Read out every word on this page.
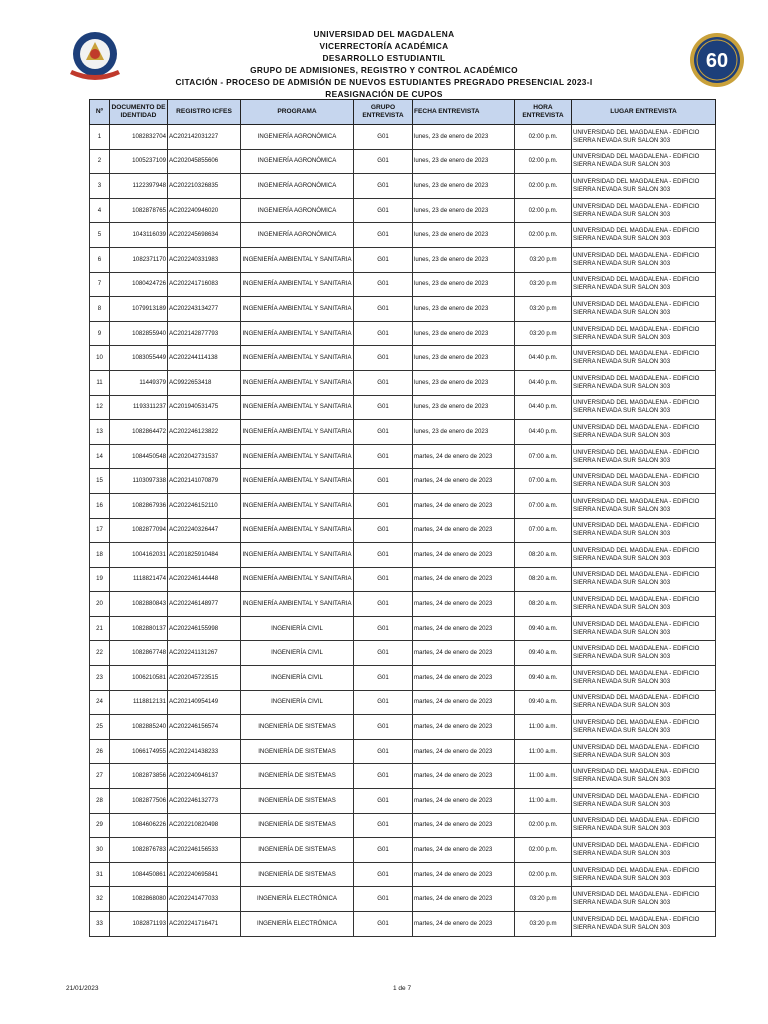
60
UNIVERSIDAD DEL MAGDALENA
VICERRECTORÍA ACADÉMICA
DESARROLLO ESTUDIANTIL
GRUPO DE ADMISIONES, REGISTRO Y CONTROL ACADÉMICO
CITACIÓN - PROCESO DE ADMISIÓN DE NUEVOS ESTUDIANTES PREGRADO PRESENCIAL 2023-I
REASIGNACIÓN DE CUPOS
Nº	DOCUMENTO DE IDENTIDAD	REGISTRO ICFES	PROGRAMA	GRUPO ENTREVISTA	FECHA ENTREVISTA	HORA ENTREVISTA	LUGAR ENTREVISTA
1	1082832704	AC202142031227	INGENIERÍA AGRONÓMICA	G01	lunes, 23 de enero de 2023	02:00 p.m.	UNIVERSIDAD DEL MAGDALENA - EDIFICIO SIERRA NEVADA SUR SALON 303
2	1005237109	AC202045855606	INGENIERÍA AGRONÓMICA	G01	lunes, 23 de enero de 2023	02:00 p.m.	UNIVERSIDAD DEL MAGDALENA - EDIFICIO SIERRA NEVADA SUR SALON 303
3	1122397948	AC202210326835	INGENIERÍA AGRONÓMICA	G01	lunes, 23 de enero de 2023	02:00 p.m.	UNIVERSIDAD DEL MAGDALENA - EDIFICIO SIERRA NEVADA SUR SALON 303
4	1082878765	AC202240946020	INGENIERÍA AGRONÓMICA	G01	lunes, 23 de enero de 2023	02:00 p.m.	UNIVERSIDAD DEL MAGDALENA - EDIFICIO SIERRA NEVADA SUR SALON 303
5	1043116039	AC202245698634	INGENIERÍA AGRONÓMICA	G01	lunes, 23 de enero de 2023	02:00 p.m.	UNIVERSIDAD DEL MAGDALENA - EDIFICIO SIERRA NEVADA SUR SALON 303
6	1082371170	AC202240331983	INGENIERÍA AMBIENTAL Y SANITARIA	G01	lunes, 23 de enero de 2023	03:20 p.m	UNIVERSIDAD DEL MAGDALENA - EDIFICIO SIERRA NEVADA SUR SALON 303
7	1080424726	AC202241716083	INGENIERÍA AMBIENTAL Y SANITARIA	G01	lunes, 23 de enero de 2023	03:20 p.m	UNIVERSIDAD DEL MAGDALENA - EDIFICIO SIERRA NEVADA SUR SALON 303
8	1079913189	AC202243134277	INGENIERÍA AMBIENTAL Y SANITARIA	G01	lunes, 23 de enero de 2023	03:20 p.m	UNIVERSIDAD DEL MAGDALENA - EDIFICIO SIERRA NEVADA SUR SALON 303
9	1082855940	AC202142877793	INGENIERÍA AMBIENTAL Y SANITARIA	G01	lunes, 23 de enero de 2023	03:20 p.m	UNIVERSIDAD DEL MAGDALENA - EDIFICIO SIERRA NEVADA SUR SALON 303
10	1083055449	AC202244114138	INGENIERÍA AMBIENTAL Y SANITARIA	G01	lunes, 23 de enero de 2023	04:40 p.m.	UNIVERSIDAD DEL MAGDALENA - EDIFICIO SIERRA NEVADA SUR SALON 303
11	11449379	AC9922653418	INGENIERÍA AMBIENTAL Y SANITARIA	G01	lunes, 23 de enero de 2023	04:40 p.m.	UNIVERSIDAD DEL MAGDALENA - EDIFICIO SIERRA NEVADA SUR SALON 303
12	1193311237	AC201940531475	INGENIERÍA AMBIENTAL Y SANITARIA	G01	lunes, 23 de enero de 2023	04:40 p.m.	UNIVERSIDAD DEL MAGDALENA - EDIFICIO SIERRA NEVADA SUR SALON 303
13	1082864472	AC202246123822	INGENIERÍA AMBIENTAL Y SANITARIA	G01	lunes, 23 de enero de 2023	04:40 p.m.	UNIVERSIDAD DEL MAGDALENA - EDIFICIO SIERRA NEVADA SUR SALON 303
14	1084450548	AC202042731537	INGENIERÍA AMBIENTAL Y SANITARIA	G01	martes, 24 de enero de 2023	07:00 a.m.	UNIVERSIDAD DEL MAGDALENA - EDIFICIO SIERRA NEVADA SUR SALON 303
15	1103097338	AC202141070879	INGENIERÍA AMBIENTAL Y SANITARIA	G01	martes, 24 de enero de 2023	07:00 a.m.	UNIVERSIDAD DEL MAGDALENA - EDIFICIO SIERRA NEVADA SUR SALON 303
16	1082867936	AC202246152110	INGENIERÍA AMBIENTAL Y SANITARIA	G01	martes, 24 de enero de 2023	07:00 a.m.	UNIVERSIDAD DEL MAGDALENA - EDIFICIO SIERRA NEVADA SUR SALON 303
17	1082877094	AC202240326447	INGENIERÍA AMBIENTAL Y SANITARIA	G01	martes, 24 de enero de 2023	07:00 a.m.	UNIVERSIDAD DEL MAGDALENA - EDIFICIO SIERRA NEVADA SUR SALON 303
18	1004162031	AC201825910484	INGENIERÍA AMBIENTAL Y SANITARIA	G01	martes, 24 de enero de 2023	08:20 a.m.	UNIVERSIDAD DEL MAGDALENA - EDIFICIO SIERRA NEVADA SUR SALON 303
19	1118821474	AC202246144448	INGENIERÍA AMBIENTAL Y SANITARIA	G01	martes, 24 de enero de 2023	08:20 a.m.	UNIVERSIDAD DEL MAGDALENA - EDIFICIO SIERRA NEVADA SUR SALON 303
20	1082880843	AC202246148977	INGENIERÍA AMBIENTAL Y SANITARIA	G01	martes, 24 de enero de 2023	08:20 a.m.	UNIVERSIDAD DEL MAGDALENA - EDIFICIO SIERRA NEVADA SUR SALON 303
21	1082880137	AC202246155998	INGENIERÍA CIVIL	G01	martes, 24 de enero de 2023	09:40 a.m.	UNIVERSIDAD DEL MAGDALENA - EDIFICIO SIERRA NEVADA SUR SALON 303
22	1082867748	AC202241131267	INGENIERÍA CIVIL	G01	martes, 24 de enero de 2023	09:40 a.m.	UNIVERSIDAD DEL MAGDALENA - EDIFICIO SIERRA NEVADA SUR SALON 303
23	1006210581	AC202045723515	INGENIERÍA CIVIL	G01	martes, 24 de enero de 2023	09:40 a.m.	UNIVERSIDAD DEL MAGDALENA - EDIFICIO SIERRA NEVADA SUR SALON 303
24	1118812131	AC202140954149	INGENIERÍA CIVIL	G01	martes, 24 de enero de 2023	09:40 a.m.	UNIVERSIDAD DEL MAGDALENA - EDIFICIO SIERRA NEVADA SUR SALON 303
25	1082885240	AC202246156574	INGENIERÍA DE SISTEMAS	G01	martes, 24 de enero de 2023	11:00 a.m.	UNIVERSIDAD DEL MAGDALENA - EDIFICIO SIERRA NEVADA SUR SALON 303
26	1066174955	AC202241438233	INGENIERÍA DE SISTEMAS	G01	martes, 24 de enero de 2023	11:00 a.m.	UNIVERSIDAD DEL MAGDALENA - EDIFICIO SIERRA NEVADA SUR SALON 303
27	1082873856	AC202240946137	INGENIERÍA DE SISTEMAS	G01	martes, 24 de enero de 2023	11:00 a.m.	UNIVERSIDAD DEL MAGDALENA - EDIFICIO SIERRA NEVADA SUR SALON 303
28	1082877506	AC202246132773	INGENIERÍA DE SISTEMAS	G01	martes, 24 de enero de 2023	11:00 a.m.	UNIVERSIDAD DEL MAGDALENA - EDIFICIO SIERRA NEVADA SUR SALON 303
29	1084606226	AC202210820498	INGENIERÍA DE SISTEMAS	G01	martes, 24 de enero de 2023	02:00 p.m.	UNIVERSIDAD DEL MAGDALENA - EDIFICIO SIERRA NEVADA SUR SALON 303
30	1082876783	AC202246156533	INGENIERÍA DE SISTEMAS	G01	martes, 24 de enero de 2023	02:00 p.m.	UNIVERSIDAD DEL MAGDALENA - EDIFICIO SIERRA NEVADA SUR SALON 303
31	1084450861	AC202240695841	INGENIERÍA DE SISTEMAS	G01	martes, 24 de enero de 2023	02:00 p.m.	UNIVERSIDAD DEL MAGDALENA - EDIFICIO SIERRA NEVADA SUR SALON 303
32	1082868080	AC202241477033	INGENIERÍA ELECTRÓNICA	G01	martes, 24 de enero de 2023	03:20 p.m	UNIVERSIDAD DEL MAGDALENA - EDIFICIO SIERRA NEVADA SUR SALON 303
33	1082871193	AC202241716471	INGENIERÍA ELECTRÓNICA	G01	martes, 24 de enero de 2023	03:20 p.m	UNIVERSIDAD DEL MAGDALENA - EDIFICIO SIERRA NEVADA SUR SALON 303
21/01/2023	1 de 7
